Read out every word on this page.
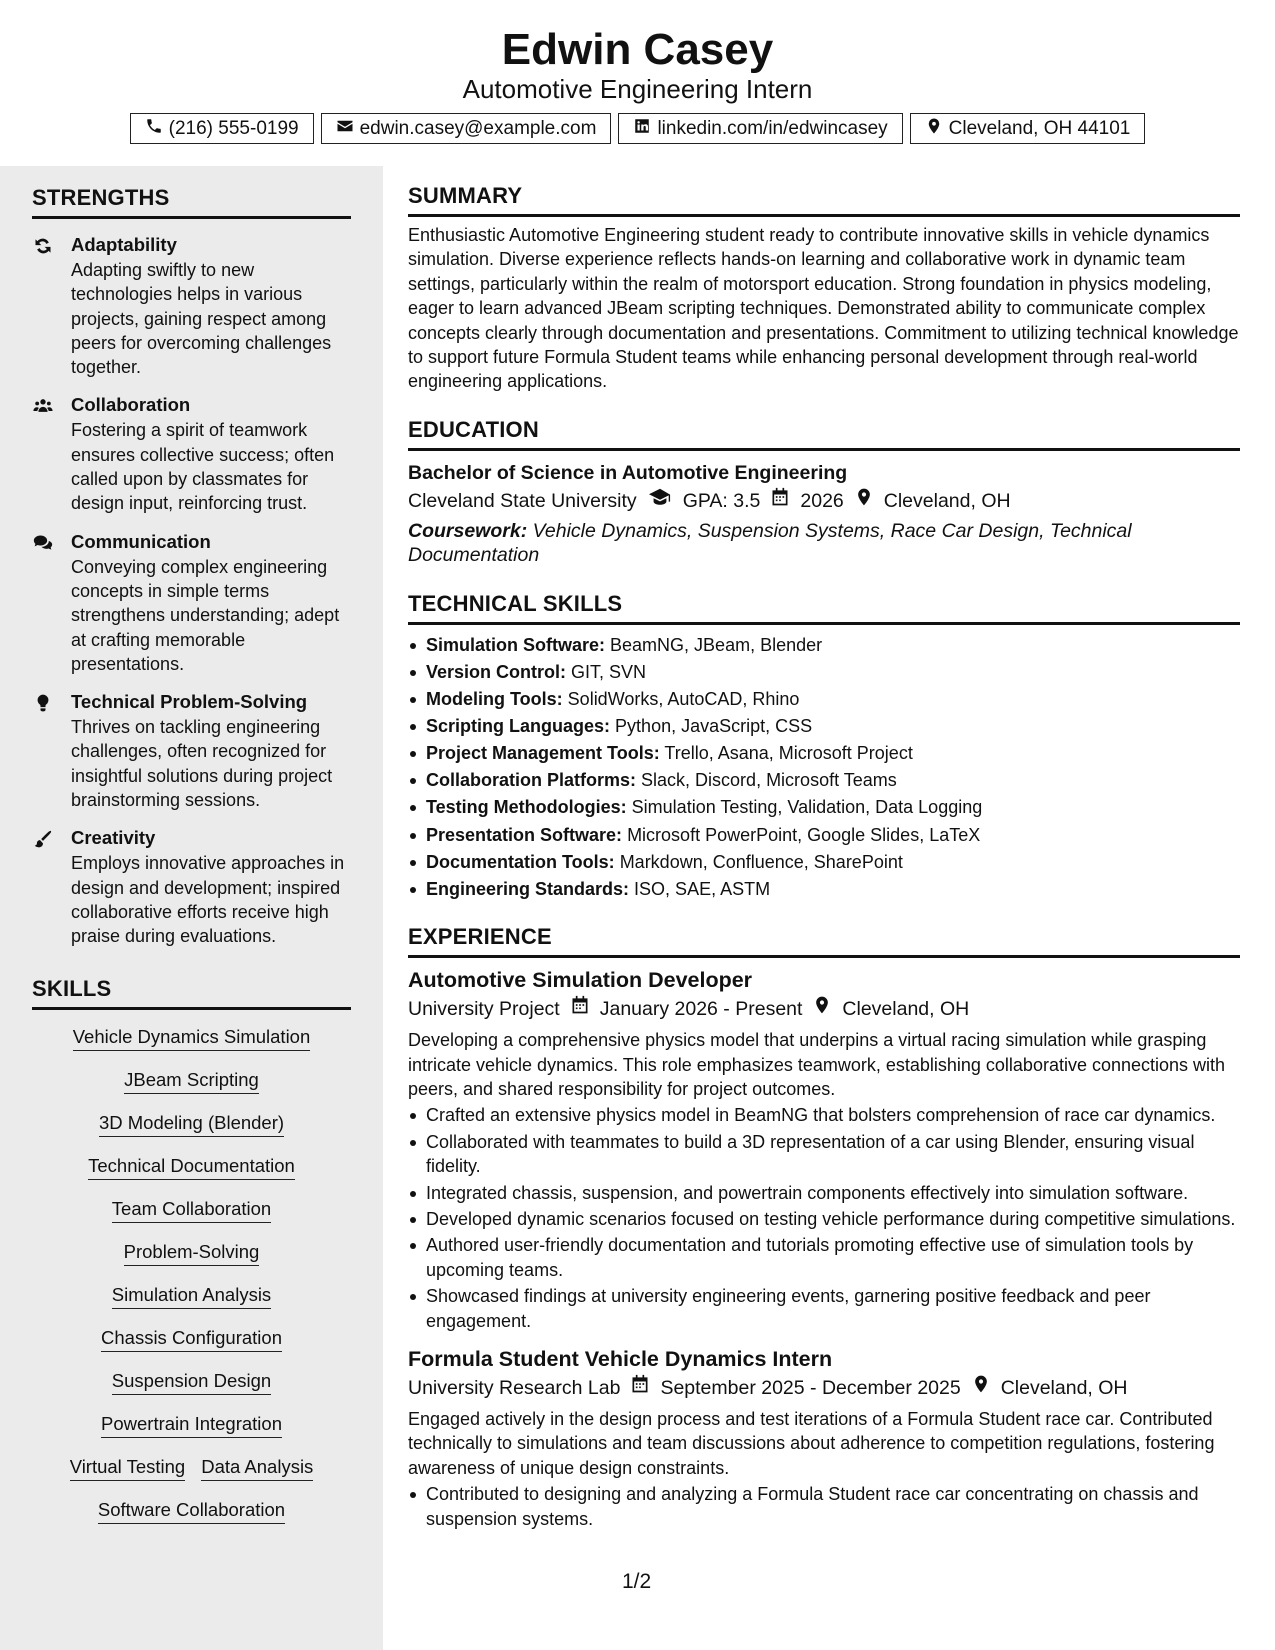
Edwin Casey
Automotive Engineering Intern
(216) 555-0199	edwin.casey@example.com	linkedin.com/in/edwincasey	Cleveland, OH 44101
STRENGTHS
Adaptability
Adapting swiftly to new technologies helps in various projects, gaining respect among peers for overcoming challenges together.
Collaboration
Fostering a spirit of teamwork ensures collective success; often called upon by classmates for design input, reinforcing trust.
Communication
Conveying complex engineering concepts in simple terms strengthens understanding; adept at crafting memorable presentations.
Technical Problem-Solving
Thrives on tackling engineering challenges, often recognized for insightful solutions during project brainstorming sessions.
Creativity
Employs innovative approaches in design and development; inspired collaborative efforts receive high praise during evaluations.
SKILLS
Vehicle Dynamics Simulation
JBeam Scripting
3D Modeling (Blender)
Technical Documentation
Team Collaboration
Problem-Solving
Simulation Analysis
Chassis Configuration
Suspension Design
Powertrain Integration
Virtual Testing Data Analysis
Software Collaboration
SUMMARY
Enthusiastic Automotive Engineering student ready to contribute innovative skills in vehicle dynamics simulation. Diverse experience reflects hands-on learning and collaborative work in dynamic team settings, particularly within the realm of motorsport education. Strong foundation in physics modeling, eager to learn advanced JBeam scripting techniques. Demonstrated ability to communicate complex concepts clearly through documentation and presentations. Commitment to utilizing technical knowledge to support future Formula Student teams while enhancing personal development through real-world engineering applications.
EDUCATION
Bachelor of Science in Automotive Engineering
Cleveland State University GPA: 3.5 2026 Cleveland, OH
Coursework: Vehicle Dynamics, Suspension Systems, Race Car Design, Technical Documentation
TECHNICAL SKILLS
Simulation Software: BeamNG, JBeam, Blender
Version Control: GIT, SVN
Modeling Tools: SolidWorks, AutoCAD, Rhino
Scripting Languages: Python, JavaScript, CSS
Project Management Tools: Trello, Asana, Microsoft Project
Collaboration Platforms: Slack, Discord, Microsoft Teams
Testing Methodologies: Simulation Testing, Validation, Data Logging
Presentation Software: Microsoft PowerPoint, Google Slides, LaTeX
Documentation Tools: Markdown, Confluence, SharePoint
Engineering Standards: ISO, SAE, ASTM
EXPERIENCE
Automotive Simulation Developer
University Project January 2026 - Present Cleveland, OH
Developing a comprehensive physics model that underpins a virtual racing simulation while grasping intricate vehicle dynamics. This role emphasizes teamwork, establishing collaborative connections with peers, and shared responsibility for project outcomes.
Crafted an extensive physics model in BeamNG that bolsters comprehension of race car dynamics.
Collaborated with teammates to build a 3D representation of a car using Blender, ensuring visual fidelity.
Integrated chassis, suspension, and powertrain components effectively into simulation software.
Developed dynamic scenarios focused on testing vehicle performance during competitive simulations.
Authored user-friendly documentation and tutorials promoting effective use of simulation tools by upcoming teams.
Showcased findings at university engineering events, garnering positive feedback and peer engagement.
Formula Student Vehicle Dynamics Intern
University Research Lab September 2025 - December 2025 Cleveland, OH
Engaged actively in the design process and test iterations of a Formula Student race car. Contributed technically to simulations and team discussions about adherence to competition regulations, fostering awareness of unique design constraints.
Contributed to designing and analyzing a Formula Student race car concentrating on chassis and suspension systems.
1/2
